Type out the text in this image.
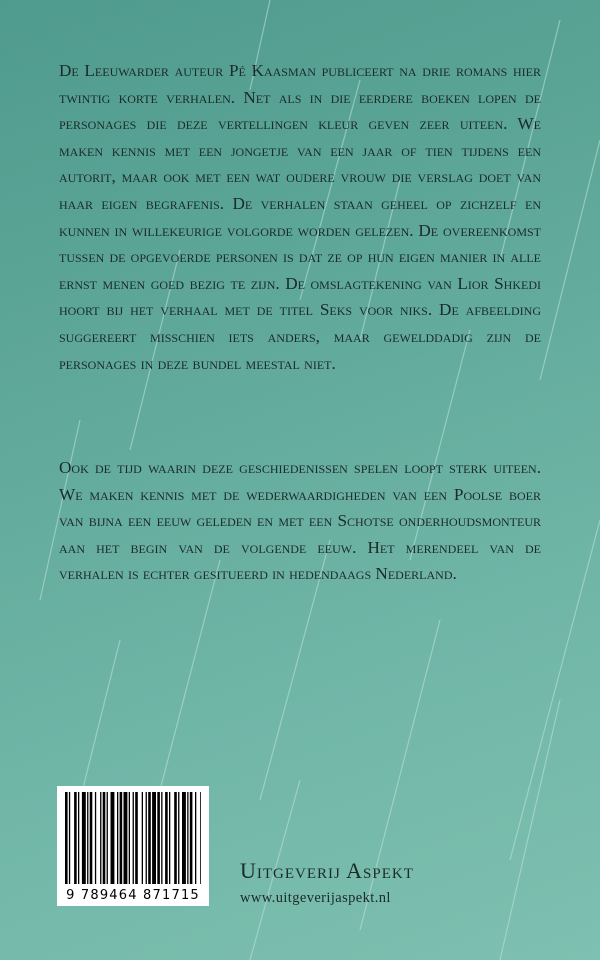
De Leeuwarder auteur Pé Kaasman publiceert na drie romans hier twintig korte verhalen. Net als in die eerdere boeken lopen de personages die deze vertellingen kleur geven zeer uiteen. We maken kennis met een jongetje van een jaar of tien tijdens een autorit, maar ook met een wat oudere vrouw die verslag doet van haar eigen begrafenis. De verhalen staan geheel op zichzelf en kunnen in willekeurige volgorde worden gelezen. De overeenkomst tussen de opgevoerde personen is dat ze op hun eigen manier in alle ernst menen goed bezig te zijn. De omslagtekening van Lior Shkedi hoort bij het verhaal met de titel Seks voor niks. De afbeelding suggereert misschien iets anders, maar gewelddadig zijn de personages in deze bundel meestal niet.

Ook de tijd waarin deze geschiedenissen spelen loopt sterk uiteen. We maken kennis met de wederwaardigheden van een Poolse boer van bijna een eeuw geleden en met een Schotse onderhoudsmonteur aan het begin van de volgende eeuw. Het merendeel van de verhalen is echter gesitueerd in hedendaags Nederland.

9 789464 871715
Uitgeverij Aspekt
www.uitgeverijaspekt.nl
